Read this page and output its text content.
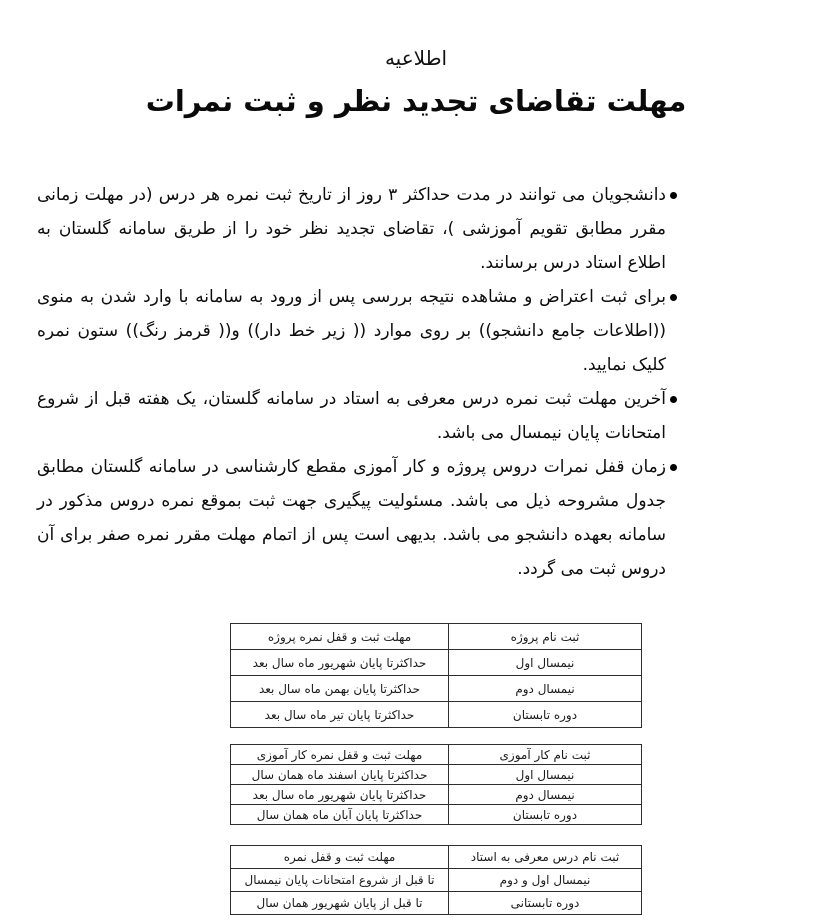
اطلاعیه
مهلت تقاضای تجدید نظر و ثبت نمرات
دانشجویان می توانند در مدت حداکثر ۳ روز از تاریخ ثبت نمره هر درس (در مهلت زمانی مقرر مطابق تقویم آموزشی )، تقاضای تجدید نظر خود را از طریق سامانه گلستان به اطلاع استاد درس برسانند.
برای ثبت اعتراض و مشاهده نتیجه بررسی پس از ورود به سامانه با وارد شدن به منوی ((اطلاعات جامع دانشجو)) بر روی موارد (( زیر خط دار)) و(( قرمز رنگ)) ستون نمره کلیک نمایید.
آخرین مهلت ثبت نمره درس معرفی به استاد در سامانه گلستان، یک هفته قبل از شروع امتحانات پایان نیمسال می باشد.
زمان قفل نمرات دروس پروژه و کار آموزی مقطع کارشناسی در سامانه گلستان مطابق جدول مشروحه ذیل می باشد. مسئولیت پیگیری جهت ثبت بموقع نمره دروس مذکور در سامانه بعهده دانشجو می باشد. بدیهی است پس از اتمام مهلت مقرر نمره صفر برای آن دروس ثبت می گردد.
ثبت نام پروژه	مهلت ثبت و قفل نمره پروژه
نیمسال اول	حداکثرتا پایان شهریور ماه سال بعد
نیمسال دوم	حداکثرتا پایان بهمن ماه سال بعد
دوره تابستان	حداکثرتا پایان تیر ماه سال بعد
ثبت نام کار آموزی	مهلت ثبت و قفل نمره کار آموزی
نیمسال اول	حداکثرتا پایان اسفند ماه همان سال
نیمسال دوم	حداکثرتا پایان شهریور ماه سال بعد
دوره تابستان	حداکثرتا پایان آبان ماه همان سال
ثبت نام درس معرفی به استاد	مهلت ثبت و قفل نمره
نیمسال اول و دوم	تا قبل از شروع امتحانات پایان نیمسال
دوره تابستانی	تا قبل از پایان شهریور همان سال
